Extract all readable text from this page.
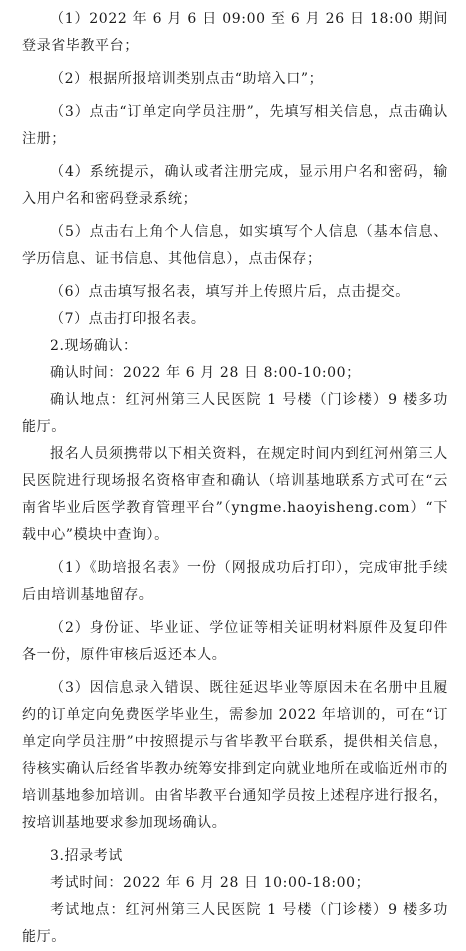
（1）2022 年 6 月 6 日 09:00 至 6 月 26 日 18:00 期间登录省毕教平台；

（2）根据所报培训类别点击“助培入口”；

（3）点击“订单定向学员注册”，先填写相关信息，点击确认注册；

（4）系统提示，确认或者注册完成，显示用户名和密码，输入用户名和密码登录系统；

（5）点击右上角个人信息，如实填写个人信息（基本信息、学历信息、证书信息、其他信息），点击保存；

（6）点击填写报名表，填写并上传照片后，点击提交。

（7）点击打印报名表。

2.现场确认：

确认时间：2022 年 6 月 28 日 8:00-10:00；

确认地点：红河州第三人民医院 1 号楼（门诊楼）9 楼多功能厅。

报名人员须携带以下相关资料，在规定时间内到红河州第三人民医院进行现场报名资格审查和确认（培训基地联系方式可在“云南省毕业后医学教育管理平台”（yngme.haoyisheng.com）“下载中心”模块中查询）。

（1）《助培报名表》一份（网报成功后打印），完成审批手续后由培训基地留存。

（2）身份证、毕业证、学位证等相关证明材料原件及复印件各一份，原件审核后返还本人。

（3）因信息录入错误、既往延迟毕业等原因未在名册中且履约的订单定向免费医学毕业生，需参加 2022 年培训的，可在“订单定向学员注册”中按照提示与省毕教平台联系，提供相关信息，待核实确认后经省毕教办统筹安排到定向就业地所在或临近州市的培训基地参加培训。由省毕教平台通知学员按上述程序进行报名，按培训基地要求参加现场确认。

3.招录考试

考试时间：2022 年 6 月 28 日 10:00-18:00；

考试地点：红河州第三人民医院 1 号楼（门诊楼）9 楼多功能厅。
